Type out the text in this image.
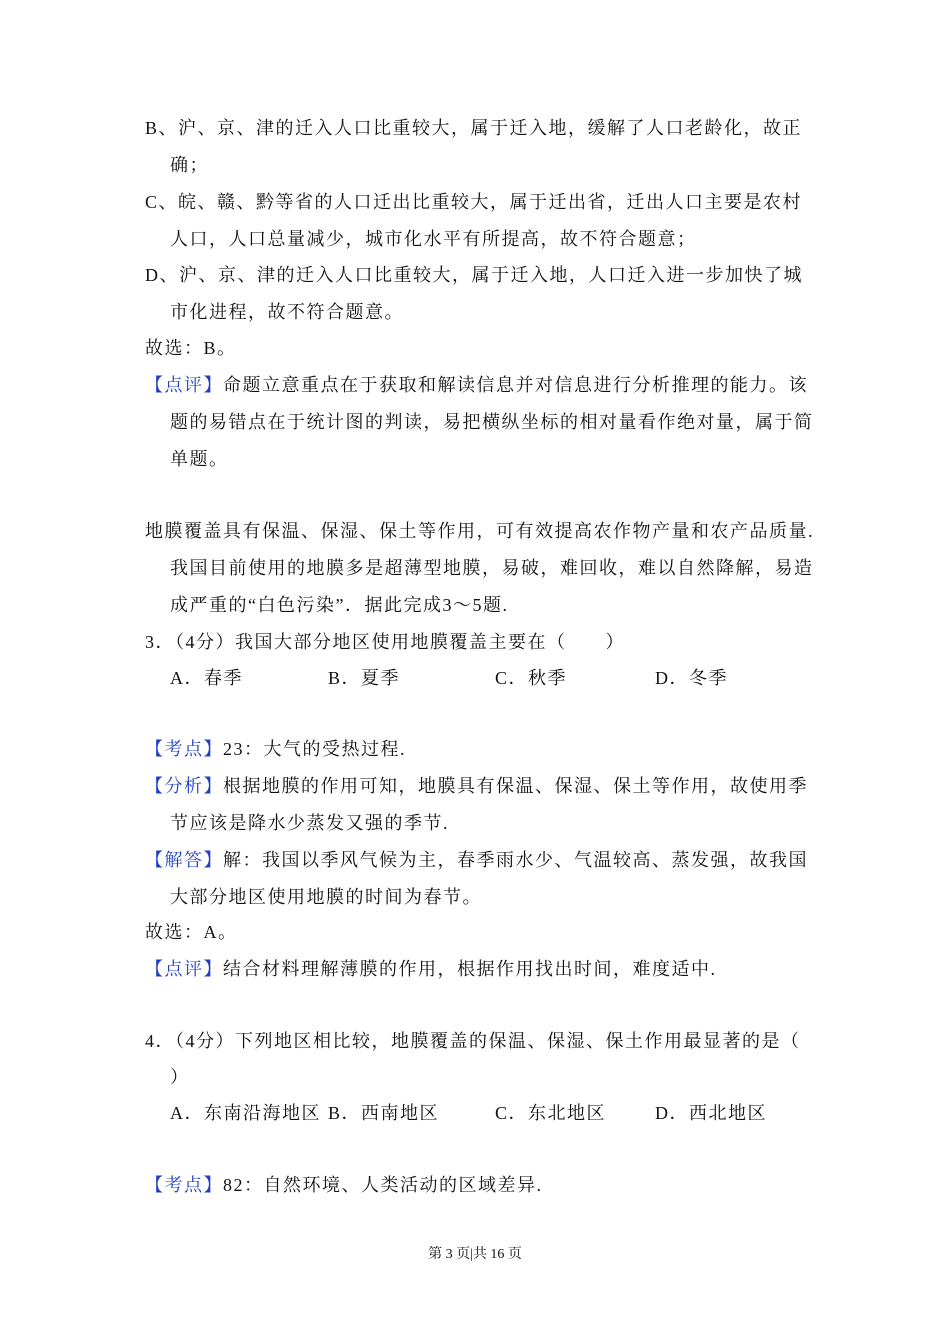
B、沪、京、津的迁入人口比重较大，属于迁入地，缓解了人口老龄化，故正
确；
C、皖、赣、黔等省的人口迁出比重较大，属于迁出省，迁出人口主要是农村
人口，人口总量减少，城市化水平有所提高，故不符合题意；
D、沪、京、津的迁入人口比重较大，属于迁入地，人口迁入进一步加快了城
市化进程，故不符合题意。
故选：B。
【点评】命题立意重点在于获取和解读信息并对信息进行分析推理的能力。该
题的易错点在于统计图的判读，易把横纵坐标的相对量看作绝对量，属于简
单题。
地膜覆盖具有保温、保湿、保土等作用，可有效提高农作物产量和农产品质量.
我国目前使用的地膜多是超薄型地膜，易破，难回收，难以自然降解，易造
成严重的“白色污染”．据此完成3～5题.
3．（4分）我国大部分地区使用地膜覆盖主要在（　　）
A．春季	B．夏季	C．秋季	D．冬季
【考点】23：大气的受热过程.
【分析】根据地膜的作用可知，地膜具有保温、保湿、保土等作用，故使用季
节应该是降水少蒸发又强的季节.
【解答】解：我国以季风气候为主，春季雨水少、气温较高、蒸发强，故我国
大部分地区使用地膜的时间为春节。
故选：A。
【点评】结合材料理解薄膜的作用，根据作用找出时间，难度适中.
4．（4分）下列地区相比较，地膜覆盖的保温、保湿、保土作用最显著的是（
）
A．东南沿海地区 B．西南地区	C．东北地区	D．西北地区
【考点】82：自然环境、人类活动的区域差异.
第 3 页|共 16 页
